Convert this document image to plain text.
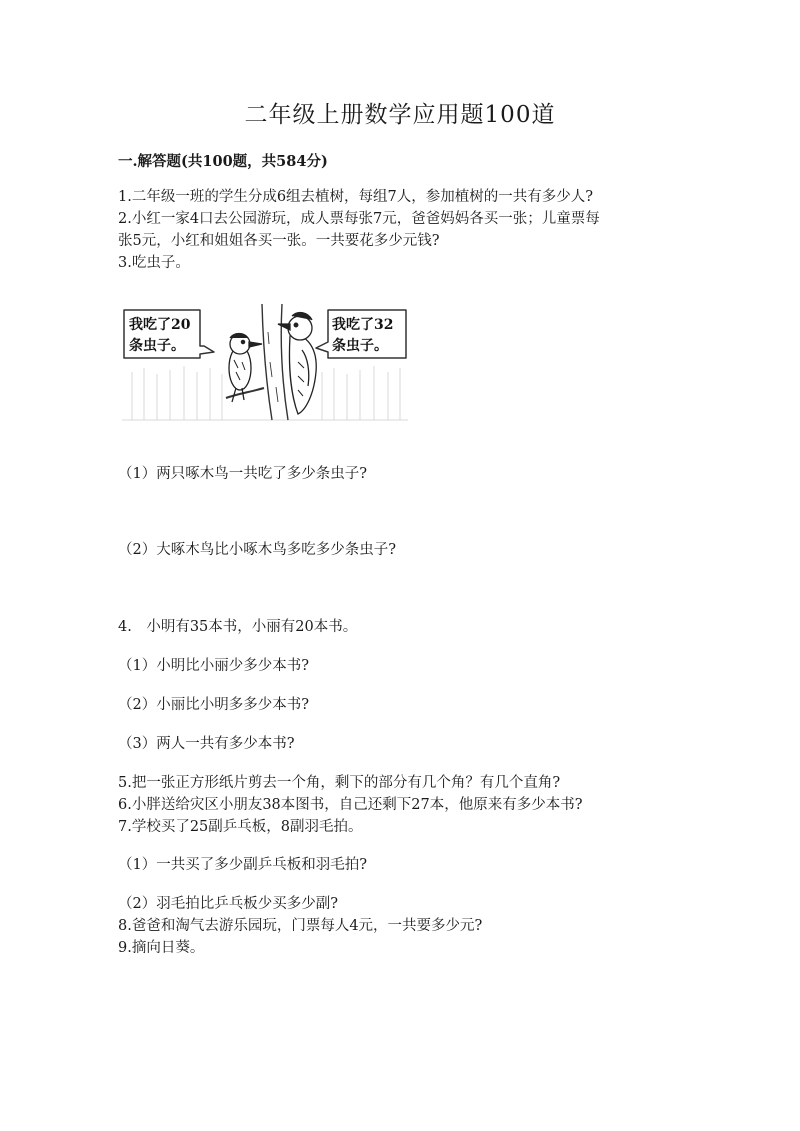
二年级上册数学应用题100道
一.解答题(共100题，共584分)
1.二年级一班的学生分成6组去植树，每组7人，参加植树的一共有多少人?
2.小红一家4口去公园游玩，成人票每张7元，爸爸妈妈各买一张；儿童票每
张5元，小红和姐姐各买一张。一共要花多少元钱?
3.吃虫子。
我吃了20
条虫子。
我吃了32
条虫子。
（1）两只啄木鸟一共吃了多少条虫子?
（2）大啄木鸟比小啄木鸟多吃多少条虫子?
4.　小明有35本书，小丽有20本书。
（1）小明比小丽少多少本书?
（2）小丽比小明多多少本书?
（3）两人一共有多少本书?
5.把一张正方形纸片剪去一个角，剩下的部分有几个角？有几个直角?
6.小胖送给灾区小朋友38本图书，自己还剩下27本，他原来有多少本书?
7.学校买了25副乒乓板，8副羽毛拍。
（1）一共买了多少副乒乓板和羽毛拍?
（2）羽毛拍比乒乓板少买多少副?
8.爸爸和淘气去游乐园玩，门票每人4元，一共要多少元?
9.摘向日葵。
